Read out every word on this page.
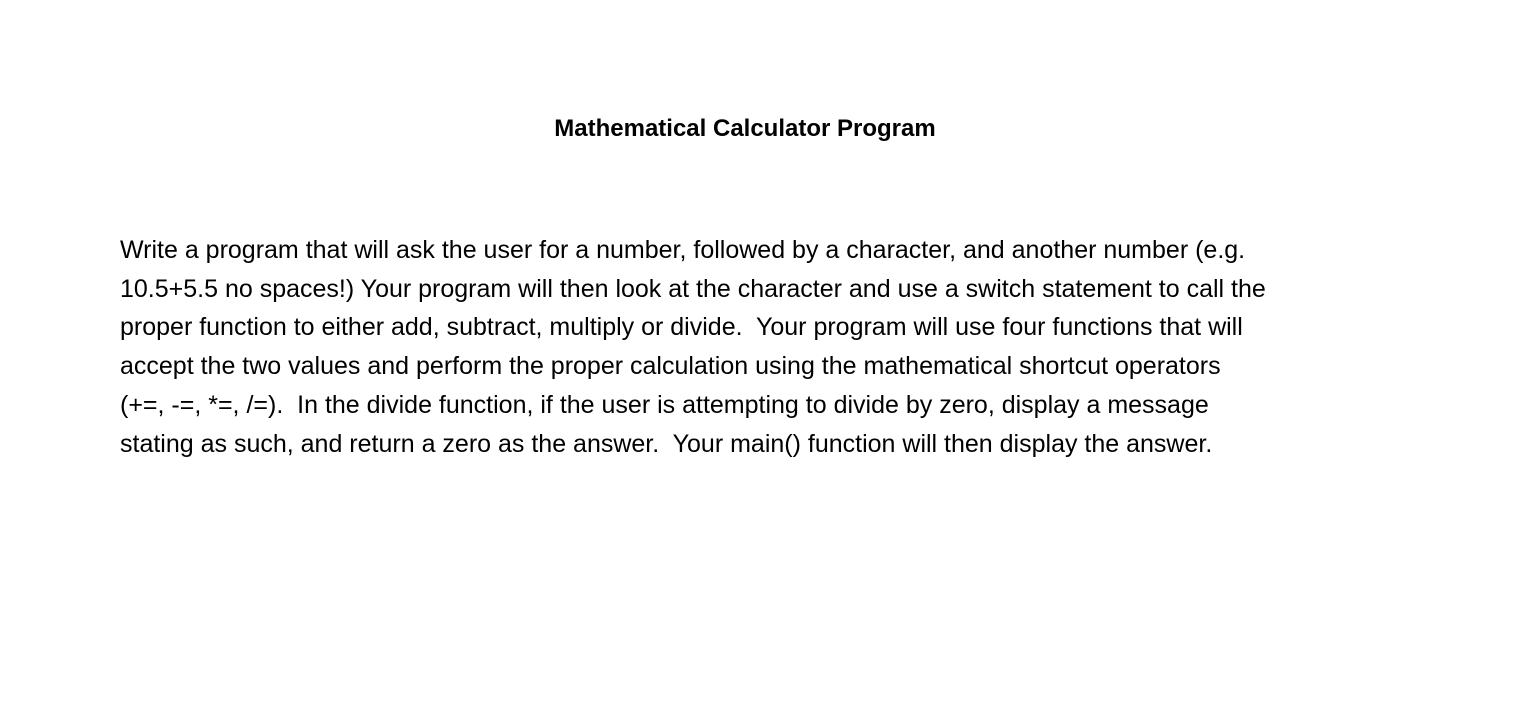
Mathematical Calculator Program
Write a program that will ask the user for a number, followed by a character, and another number (e.g.
10.5+5.5 no spaces!) Your program will then look at the character and use a switch statement to call the
proper function to either add, subtract, multiply or divide.  Your program will use four functions that will
accept the two values and perform the proper calculation using the mathematical shortcut operators
(+=, -=, *=, /=).  In the divide function, if the user is attempting to divide by zero, display a message
stating as such, and return a zero as the answer.  Your main() function will then display the answer.
